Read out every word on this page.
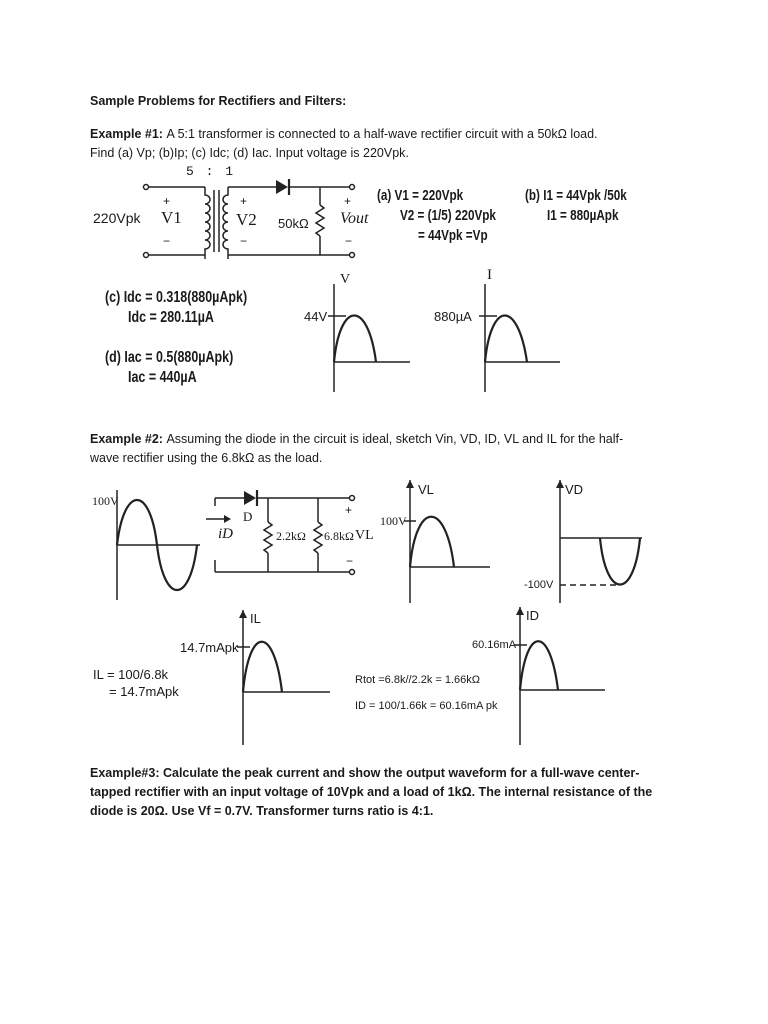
Sample Problems for Rectifiers and Filters:
Example #1: A 5:1 transformer is connected to a half-wave rectifier circuit with a 50kΩ load.
Find (a) Vp; (b)Ip; (c) Idc; (d) Iac. Input voltage is 220Vpk.
5 : 1
220Vpk
+
−
V1
+
−
V2 50kΩ
+
−
Vout
(a) V1 = 220Vpk
V2 = (1/5) 220Vpk
= 44Vpk =Vp
(b) I1 = 44Vpk /50k
I1 = 880µApk
(c) Idc = 0.318(880µApk)
Idc = 280.11µA
(d) Iac = 0.5(880µApk)
Iac = 440µA
V
44V
I
880µA
Example #2: Assuming the diode in the circuit is ideal, sketch Vin, VD, ID, VL and IL for the half-
wave rectifier using the 6.8kΩ as the load.
100V
D
iD	2.2kΩ 6.8kΩ VL
+
−
VL
100V
VD
-100V
IL
14.7mApk
ID
60.16mA
IL = 100/6.8k
= 14.7mApk
Rtot =6.8k//2.2k = 1.66kΩ
ID = 100/1.66k = 60.16mA pk
Example#3: Calculate the peak current and show the output waveform for a full-wave center-
tapped rectifier with an input voltage of 10Vpk and a load of 1kΩ. The internal resistance of the
diode is 20Ω. Use Vf = 0.7V. Transformer turns ratio is 4:1.
